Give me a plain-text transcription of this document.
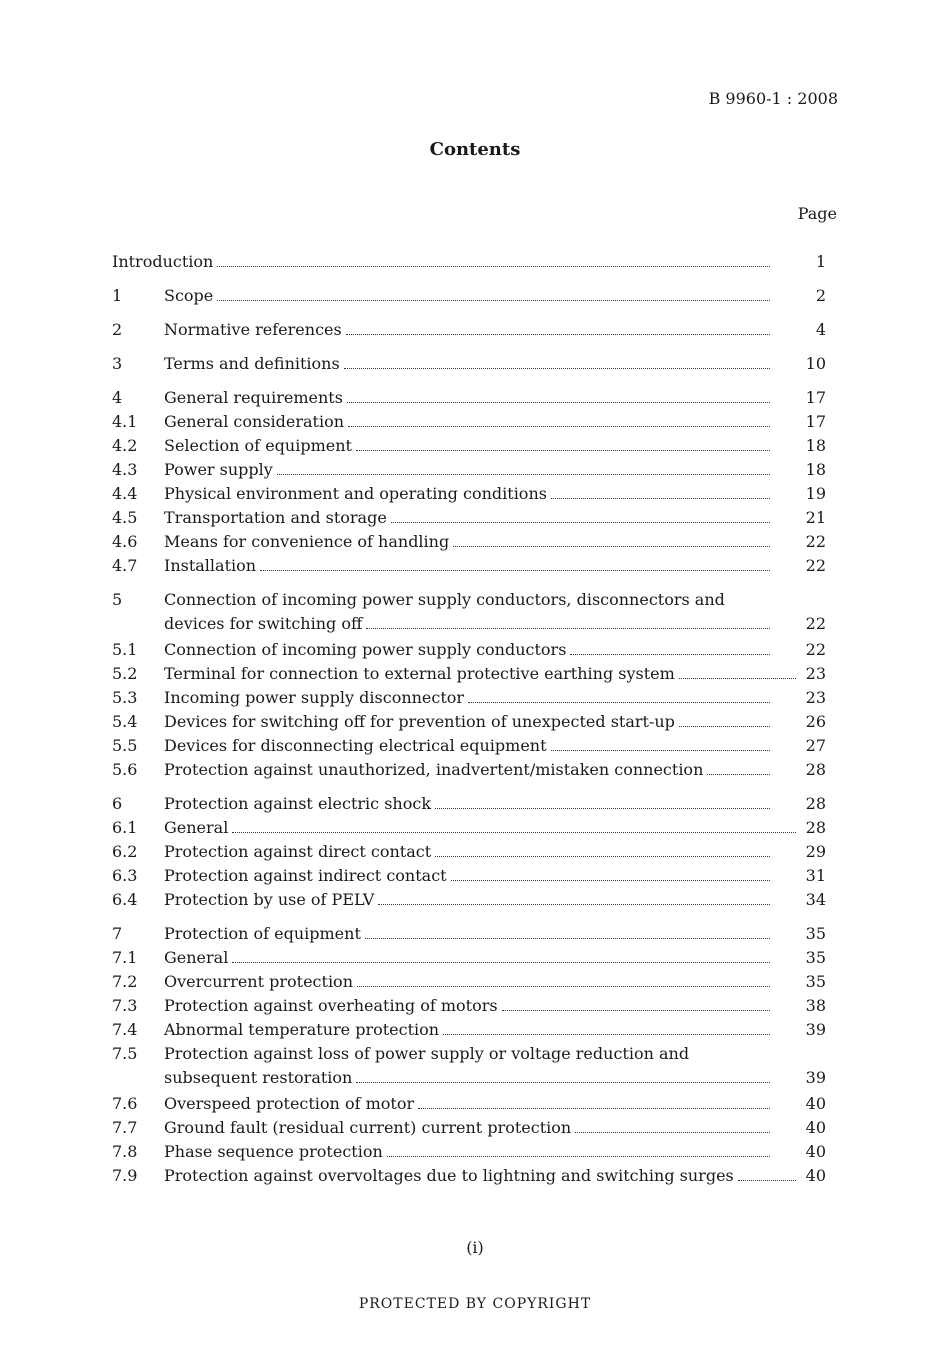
B 9960-1 : 2008
Contents
Page
Introduction	1
1	Scope	2
2	Normative references	4
3	Terms and definitions	10
4	General requirements	17
4.1	General consideration	17
4.2	Selection of equipment	18
4.3	Power supply	18
4.4	Physical environment and operating conditions	19
4.5	Transportation and storage	21
4.6	Means for convenience of handling	22
4.7	Installation	22
5	Connection of incoming power supply conductors, disconnectors and
devices for switching off	22
5.1	Connection of incoming power supply conductors	22
5.2	Terminal for connection to external protective earthing system	23
5.3	Incoming power supply disconnector	23
5.4	Devices for switching off for prevention of unexpected start-up	26
5.5	Devices for disconnecting electrical equipment	27
5.6	Protection against unauthorized, inadvertent/mistaken connection	28
6	Protection against electric shock	28
6.1	General	28
6.2	Protection against direct contact	29
6.3	Protection against indirect contact	31
6.4	Protection by use of PELV	34
7	Protection of equipment	35
7.1	General	35
7.2	Overcurrent protection	35
7.3	Protection against overheating of motors	38
7.4	Abnormal temperature protection	39
7.5	Protection against loss of power supply or voltage reduction and
subsequent restoration	39
7.6	Overspeed protection of motor	40
7.7	Ground fault (residual current) current protection	40
7.8	Phase sequence protection	40
7.9	Protection against overvoltages due to lightning and switching surges	40
(i)
PROTECTED BY COPYRIGHT
